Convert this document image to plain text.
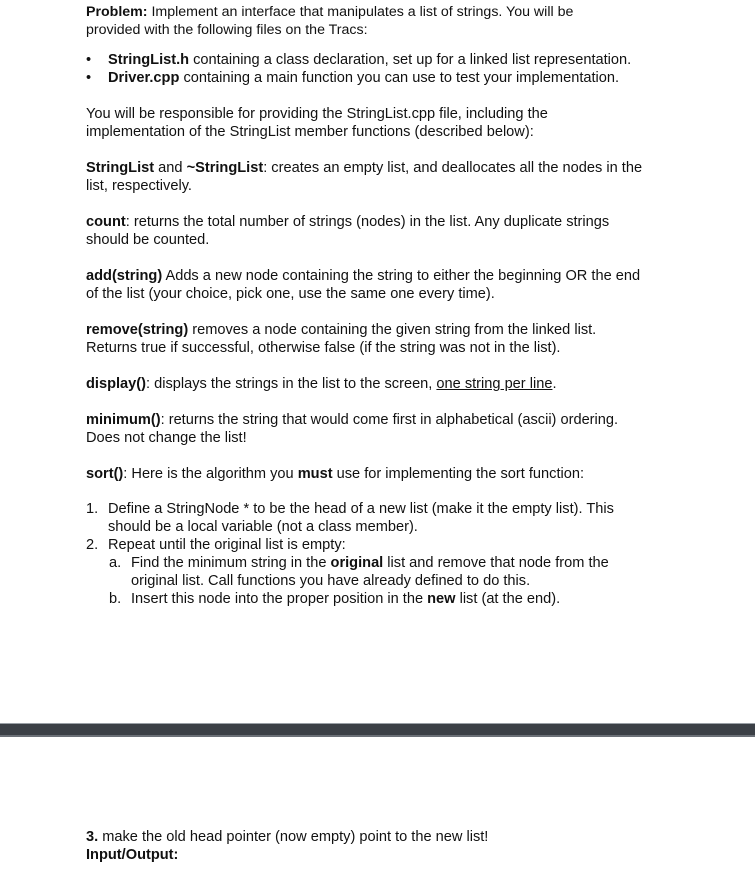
Problem: Implement an interface that manipulates a list of strings. You will be
provided with the following files on the Tracs:

•	StringList.h containing a class declaration, set up for a linked list representation.
•	Driver.cpp containing a main function you can use to test your implementation.

You will be responsible for providing the StringList.cpp file, including the
implementation of the StringList member functions (described below):

StringList and ~StringList: creates an empty list, and deallocates all the nodes in the
list, respectively.

count: returns the total number of strings (nodes) in the list. Any duplicate strings
should be counted.

add(string) Adds a new node containing the string to either the beginning OR the end
of the list (your choice, pick one, use the same one every time).

remove(string) removes a node containing the given string from the linked list.
Returns true if successful, otherwise false (if the string was not in the list).

display(): displays the strings in the list to the screen, one string per line.

minimum(): returns the string that would come first in alphabetical (ascii) ordering.
Does not change the list!

sort(): Here is the algorithm you must use for implementing the sort function:

1. Define a StringNode * to be the head of a new list (make it the empty list). This
should be a local variable (not a class member).
2. Repeat until the original list is empty:
a. Find the minimum string in the original list and remove that node from the
original list. Call functions you have already defined to do this.
b. Insert this node into the proper position in the new list (at the end).

3. make the old head pointer (now empty) point to the new list!

Input/Output:
